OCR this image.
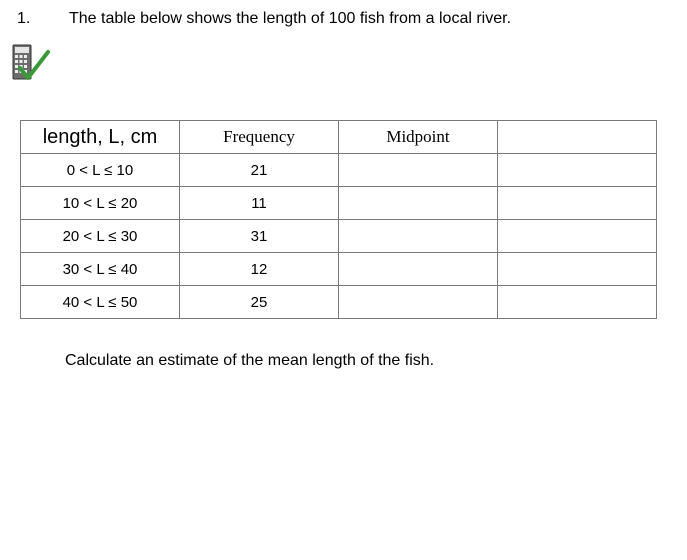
1. The table below shows the length of 100 fish from a local river.
length, L, cm	Frequency	Midpoint	
0 < L ≤ 10	21		
10 < L ≤ 20	11		
20 < L ≤ 30	31		
30 < L ≤ 40	12		
40 < L ≤ 50	25		
Calculate an estimate of the mean length of the fish.
